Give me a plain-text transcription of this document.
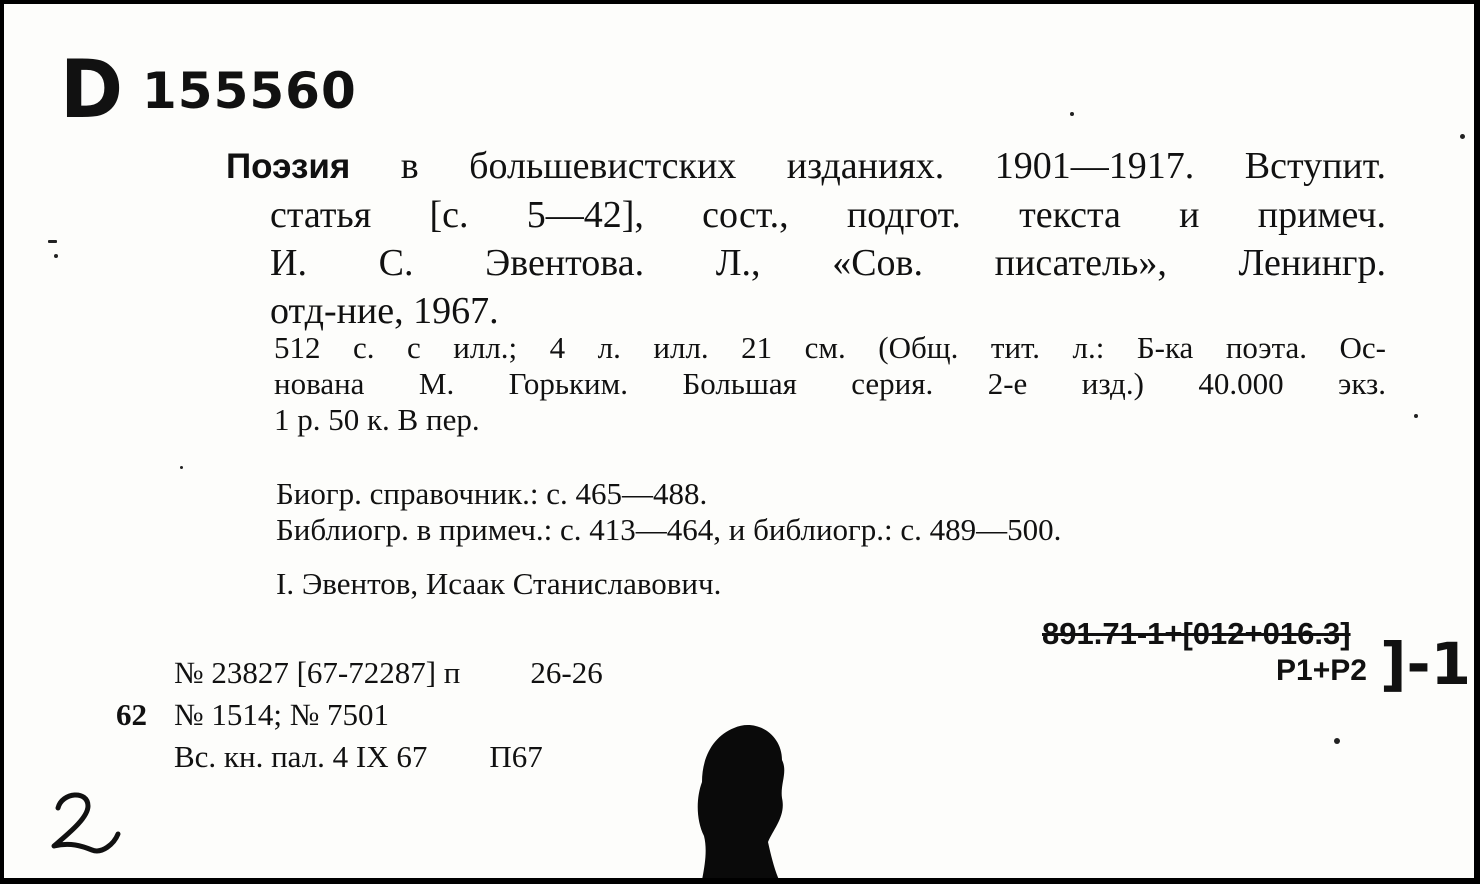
D 155560
Поэзия в большевистских изданиях. 1901—1917. Вступит.
статья [с. 5—42], сост., подгот. текста и примеч.
И. С. Эвентова. Л., «Сов. писатель», Ленингр.
отд-ние, 1967.
512 с. с илл.; 4 л. илл. 21 см. (Общ. тит. л.: Б-ка поэта. Ос-
нована М. Горьким. Большая серия. 2-е изд.) 40.000 экз.
1 р. 50 к. В пер.
Биогр. справочник.: с. 465—488.
Библиогр. в примеч.: с. 413—464, и библиогр.: с. 489—500.
I. Эвентов, Исаак Станиславович.
891.71-1+[012+016.3]
P1+P2 ]-1
№ 23827 [67-72287] п 26-26
62 № 1514; № 7501
Вс. кн. пал. 4 IX 67 П67
